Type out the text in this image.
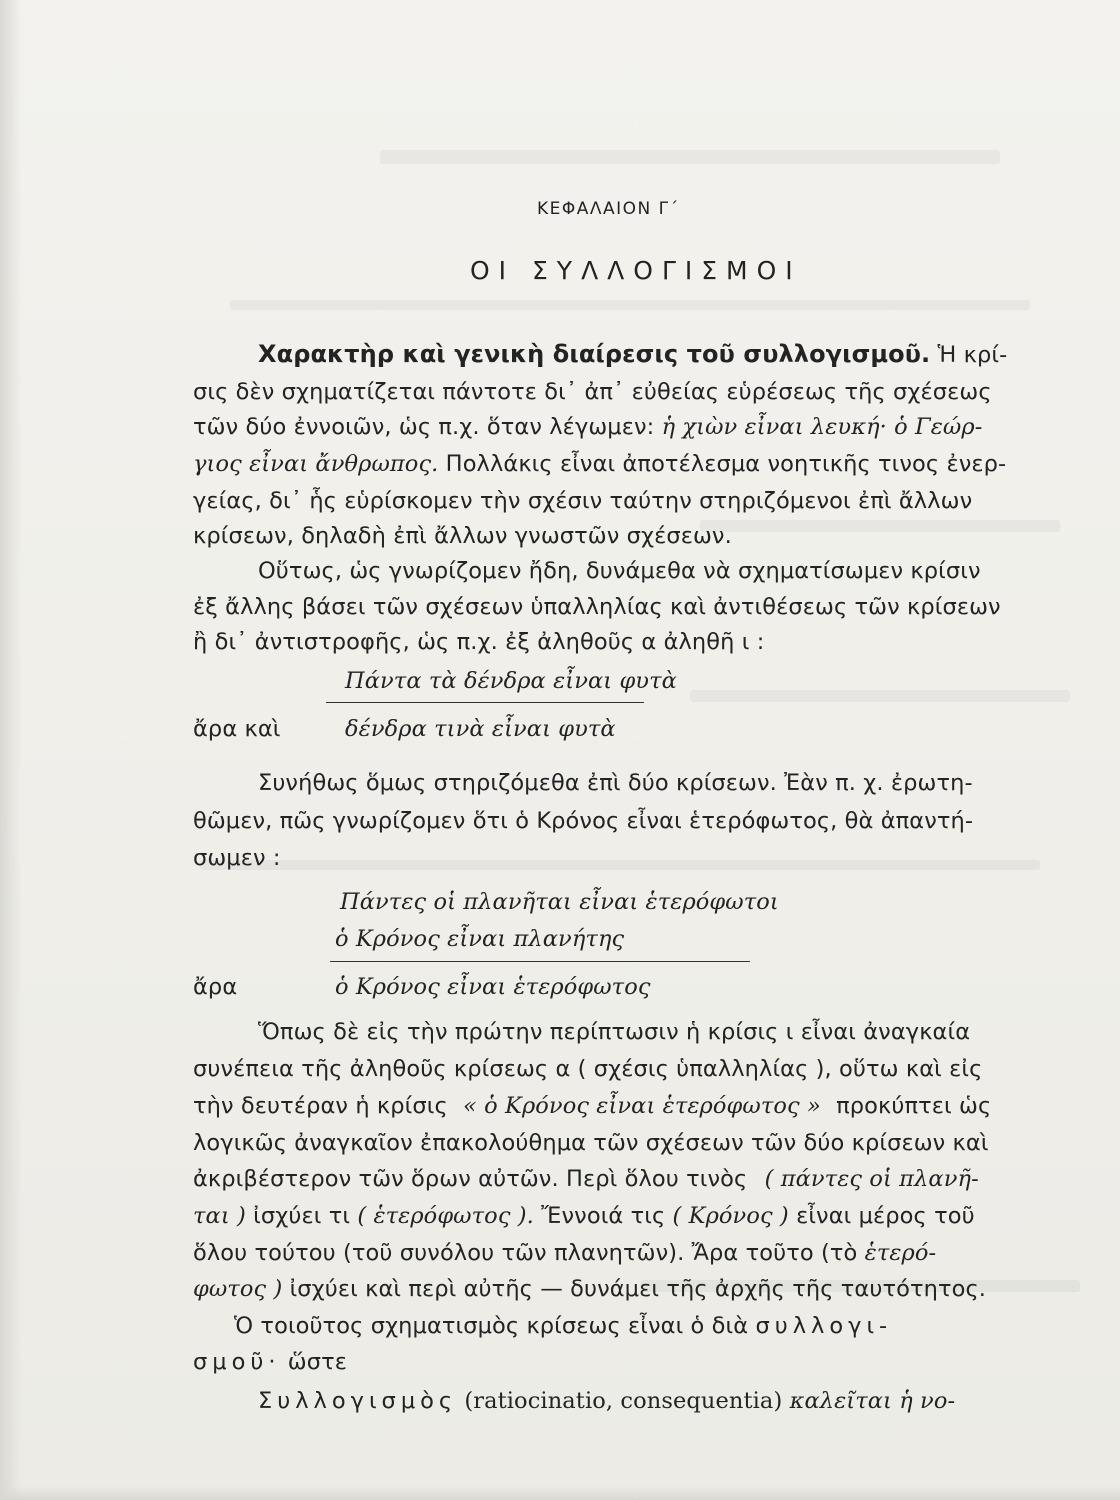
ΚΕΦΑΛΑΙΟΝ Γ΄
ΟΙ ΣΥΛΛΟΓΙΣΜΟΙ
Χαρακτὴρ καὶ γενικὴ διαίρεσις τοῦ συλλογισμοῦ. Ἡ κρί-
σις δὲν σχηματίζεται πάντοτε δι᾽ ἀπ᾽ εὐθείας εὑρέσεως τῆς σχέσεως
τῶν δύο ἐννοιῶν, ὡς π.χ. ὅταν λέγωμεν: ἡ χιὼν εἶναι λευκή· ὁ Γεώρ-
γιος εἶναι ἄνθρωπος. Πολλάκις εἶναι ἀποτέλεσμα νοητικῆς τινος ἐνερ-
γείας, δι᾽ ἧς εὑρίσκομεν τὴν σχέσιν ταύτην στηριζόμενοι ἐπὶ ἄλλων
κρίσεων, δηλαδὴ ἐπὶ ἄλλων γνωστῶν σχέσεων.
Οὕτως, ὡς γνωρίζομεν ἤδη, δυνάμεθα νὰ σχηματίσωμεν κρίσιν
ἐξ ἄλλης βάσει τῶν σχέσεων ὑπαλληλίας καὶ ἀντιθέσεως τῶν κρίσεων
ἢ δι᾽ ἀντιστροφῆς, ὡς π.χ. ἐξ ἀληθοῦς α ἀληθῆ ι :
Πάντα τὰ δένδρα εἶναι φυτὰ
ἄρα καὶ	δένδρα τινὰ εἶναι φυτὰ
Συνήθως ὅμως στηριζόμεθα ἐπὶ δύο κρίσεων. Ἐὰν π. χ. ἐρωτη-
θῶμεν, πῶς γνωρίζομεν ὅτι ὁ Κρόνος εἶναι ἑτερόφωτος, θὰ ἀπαντή-
σωμεν :
Πάντες οἱ πλανῆται εἶναι ἑτερόφωτοι
ὁ Κρόνος εἶναι πλανήτης
ἄρα	ὁ Κρόνος εἶναι ἑτερόφωτος
Ὅπως δὲ εἰς τὴν πρώτην περίπτωσιν ἡ κρίσις ι εἶναι ἀναγκαία
συνέπεια τῆς ἀληθοῦς κρίσεως α ( σχέσις ὑπαλληλίας ), οὕτω καὶ εἰς
τὴν δευτέραν ἡ κρίσις « ὁ Κρόνος εἶναι ἑτερόφωτος » προκύπτει ὡς
λογικῶς ἀναγκαῖον ἐπακολούθημα τῶν σχέσεων τῶν δύο κρίσεων καὶ
ἀκριβέστερον τῶν ὅρων αὐτῶν. Περὶ ὅλου τινὸς ( πάντες οἱ πλανῆ-
ται ) ἰσχύει τι ( ἑτερόφωτος ). Ἔννοιά τις ( Κρόνος ) εἶναι μέρος τοῦ
ὅλου τούτου (τοῦ συνόλου τῶν πλανητῶν). Ἄρα τοῦτο (τὸ ἑτερό-
φωτος ) ἰσχύει καὶ περὶ αὐτῆς — δυνάμει τῆς ἀρχῆς τῆς ταυτότητος.
Ὁ τοιοῦτος σχηματισμὸς κρίσεως εἶναι ὁ διὰ συλλογι-
σμοῦ· ὥστε
Συλλογισμὸς (ratiocinatio, consequentia) καλεῖται ἡ νο-
